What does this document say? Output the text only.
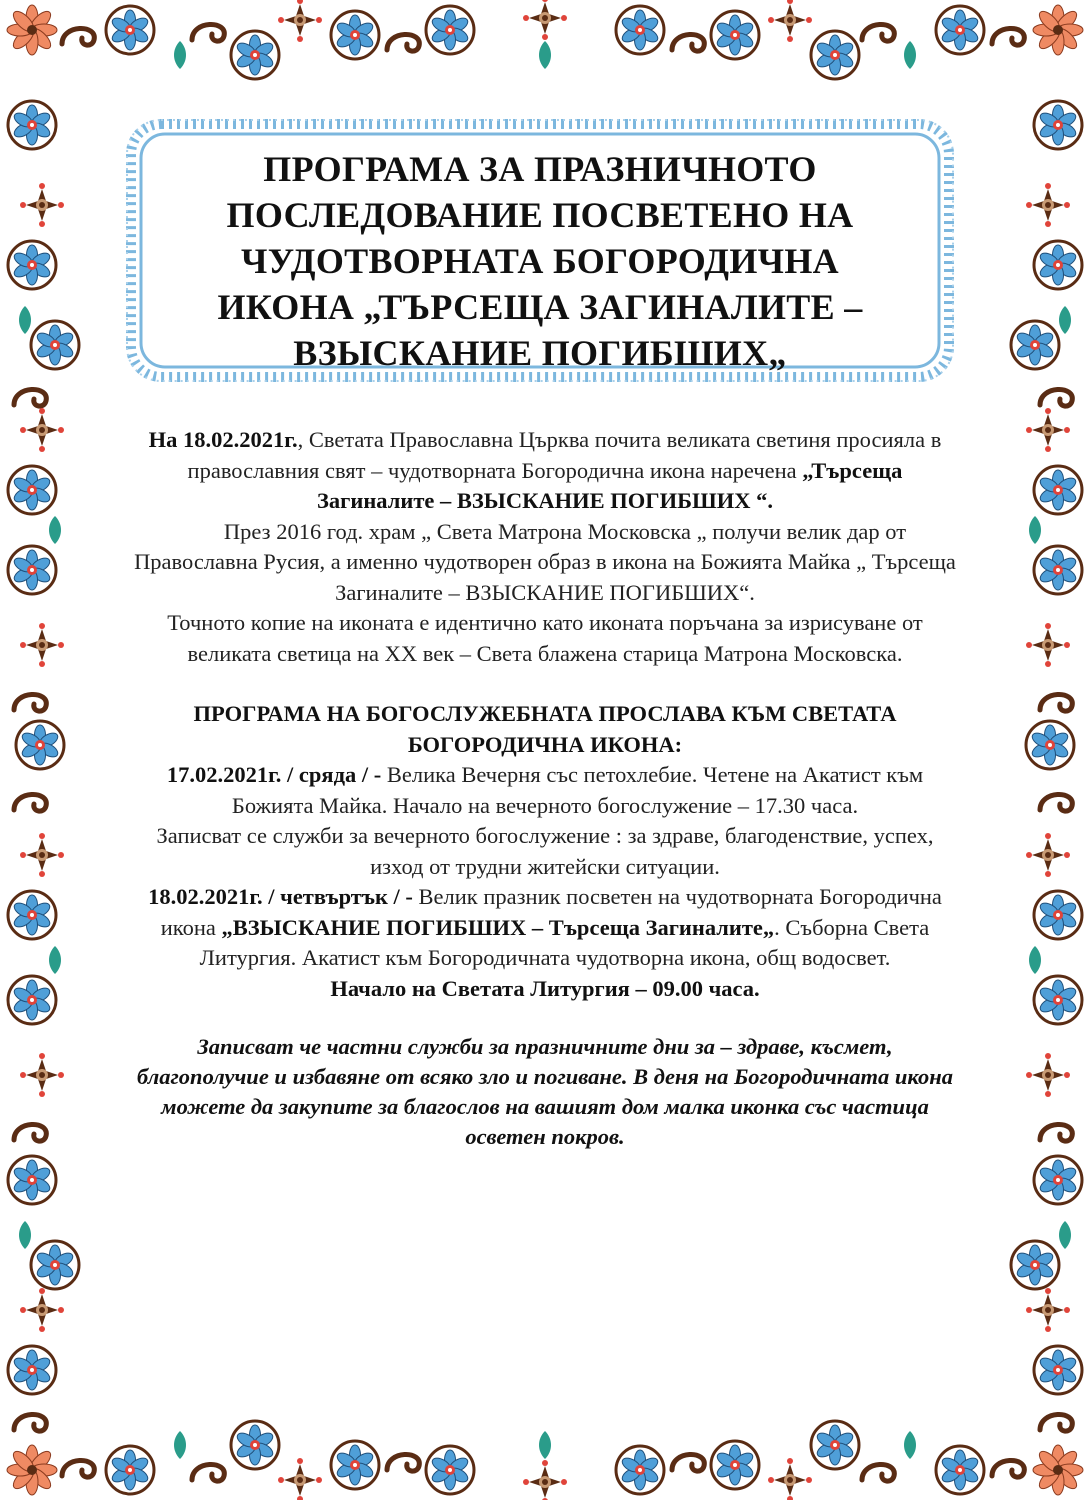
ПРОГРАМА ЗА ПРАЗНИЧНОТО
ПОСЛЕДОВАНИЕ ПОСВЕТЕНО НА
ЧУДОТВОРНАТА БОГОРОДИЧНА
ИКОНА „ТЪРСЕЩА ЗАГИНАЛИТЕ –
ВЗЫСКАНИЕ ПОГИБШИХ„

На 18.02.2021г., Светата Православна Църква почита великата светиня просияла в православния свят – чудотворната Богородична икона наречена „Търсеща Загиналите – ВЗЫСКАНИЕ ПОГИБШИХ “.

През 2016 год. храм „ Света Матрона Московска „ получи велик дар от Православна Русия, а именно чудотворен образ в икона на Божията Майка „ Търсеща Загиналите – ВЗЫСКАНИЕ ПОГИБШИХ“.

Точното копие на иконата е идентично като иконата поръчана за изрисуване от великата светица на XX век – Света блажена старица Матрона Московска.

ПРОГРАМА НА БОГОСЛУЖЕБНАТА ПРОСЛАВА КЪМ СВЕТАТА БОГОРОДИЧНА ИКОНА:

17.02.2021г. / сряда / - Велика Вечерня със петохлебие. Четене на Акатист към Божията Майка. Начало на вечерното богослужение – 17.30 часа.

Записват се служби за вечерното богослужение : за здраве, благоденствие, успех, изход от трудни житейски ситуации.

18.02.2021г. / четвъртък / - Велик празник посветен на чудотворната Богородична икона „ВЗЫСКАНИЕ ПОГИБШИХ – Търсеща Загиналите„. Съборна Света Литургия. Акатист към Богородичната чудотворна икона, общ водосвет.

Начало на Светата Литургия – 09.00 часа.

Записват че частни служби за празничните дни за – здраве, късмет, благополучие и избавяне от всяко зло и погиване. В деня на Богородичната икона можете да закупите за благослов на вашият дом малка иконка със частица осветен покров.
